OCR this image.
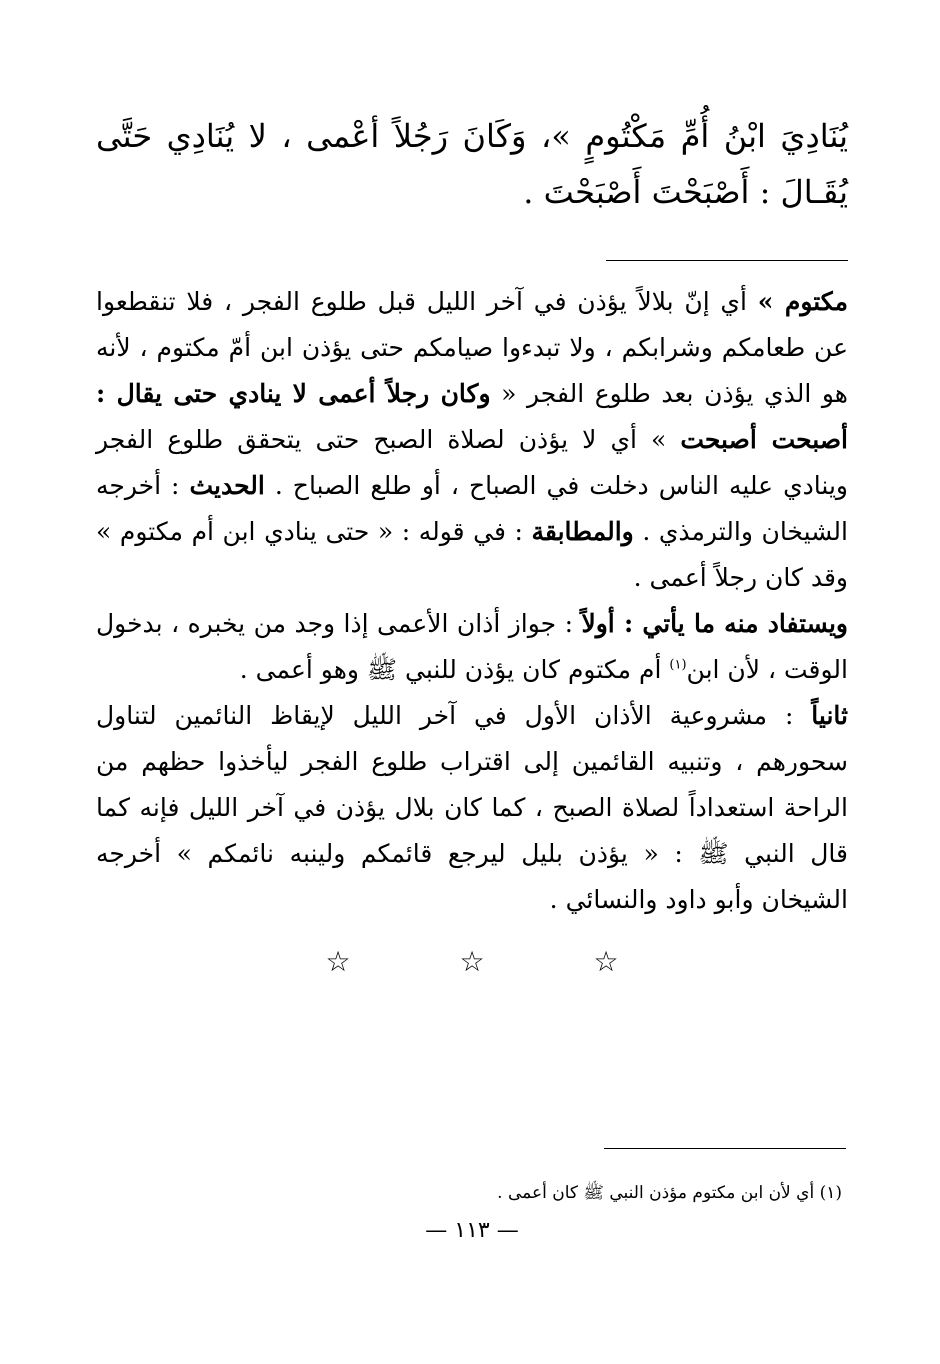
يُنَادِيَ ابْنُ أُمِّ مَكْتُومٍ »، وَكَانَ رَجُلاً أعْمى ، لا يُنَادِي حَتَّى يُقَـالَ : أَصْبَحْتَ أَصْبَحْتَ .

مكتوم » أي إنّ بلالاً يؤذن في آخر الليل قبل طلوع الفجر ، فلا تنقطعوا عن طعامكم وشرابكم ، ولا تبدءوا صيامكم حتى يؤذن ابن أمّ مكتوم ، لأنه هو الذي يؤذن بعد طلوع الفجر « وكان رجلاً أعمى لا ينادي حتى يقال : أصبحت أصبحت » أي لا يؤذن لصلاة الصبح حتى يتحقق طلوع الفجر وينادي عليه الناس دخلت في الصباح ، أو طلع الصباح . الحديث : أخرجه الشيخان والترمذي . والمطابقة : في قوله : « حتى ينادي ابن أم مكتوم » وقد كان رجلاً أعمى .

ويستفاد منه ما يأتي : أولاً : جواز أذان الأعمى إذا وجد من يخبره ، بدخول الوقت ، لأن ابن$^{(١)}$ أم مكتوم كان يؤذن للنبي ﷺ وهو أعمى .
ثانياً : مشروعية الأذان الأول في آخر الليل لإيقاظ النائمين لتناول سحورهم ، وتنبيه القائمين إلى اقتراب طلوع الفجر ليأخذوا حظهم من الراحة استعداداً لصلاة الصبح ، كما كان بلال يؤذن في آخر الليل فإنه كما قال النبي ﷺ : « يؤذن بليل ليرجع قائمكم ولينبه نائمكم » أخرجه الشيخان وأبو داود والنسائي .

☆ ☆ ☆

(١) أي لأن ابن مكتوم مؤذن النبي ﷺ كان أعمى .

— ١١٣ —
